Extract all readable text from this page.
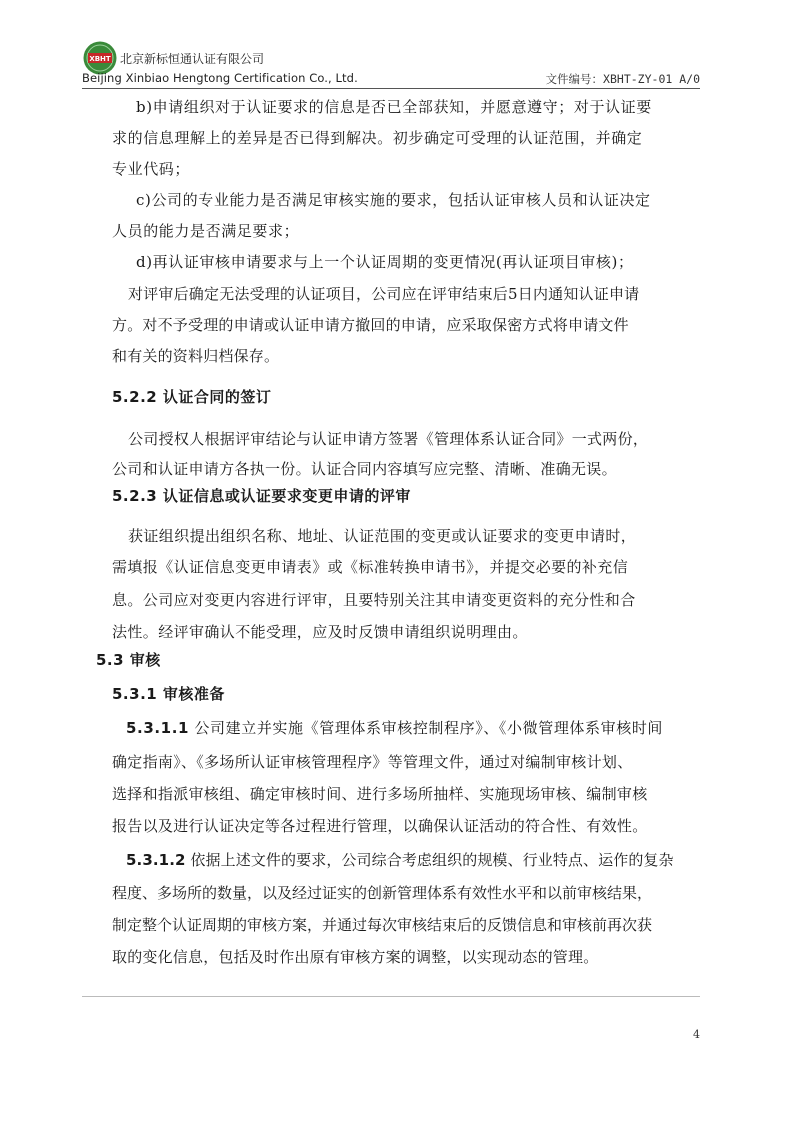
XBHT 北京新标恒通认证有限公司
Beijing Xinbiao Hengtong Certification Co., Ltd.	文件编号：XBHT-ZY-01 A/0
b)申请组织对于认证要求的信息是否已全部获知，并愿意遵守；对于认证要
求的信息理解上的差异是否已得到解决。初步确定可受理的认证范围，并确定
专业代码；
c)公司的专业能力是否满足审核实施的要求，包括认证审核人员和认证决定
人员的能力是否满足要求；
d)再认证审核申请要求与上一个认证周期的变更情况(再认证项目审核)；
对评审后确定无法受理的认证项目，公司应在评审结束后5日内通知认证申请
方。对不予受理的申请或认证申请方撤回的申请，应采取保密方式将申请文件
和有关的资料归档保存。
5.2.2 认证合同的签订
公司授权人根据评审结论与认证申请方签署《管理体系认证合同》一式两份，
公司和认证申请方各执一份。认证合同内容填写应完整、清晰、准确无误。
5.2.3 认证信息或认证要求变更申请的评审
获证组织提出组织名称、地址、认证范围的变更或认证要求的变更申请时，
需填报《认证信息变更申请表》或《标准转换申请书》，并提交必要的补充信
息。公司应对变更内容进行评审，且要特别关注其申请变更资料的充分性和合
法性。经评审确认不能受理，应及时反馈申请组织说明理由。
5.3 审核
5.3.1 审核准备
5.3.1.1 公司建立并实施《管理体系审核控制程序》、《小微管理体系审核时间
确定指南》、《多场所认证审核管理程序》等管理文件，通过对编制审核计划、
选择和指派审核组、确定审核时间、进行多场所抽样、实施现场审核、编制审核
报告以及进行认证决定等各过程进行管理，以确保认证活动的符合性、有效性。
5.3.1.2 依据上述文件的要求，公司综合考虑组织的规模、行业特点、运作的复杂
程度、多场所的数量，以及经过证实的创新管理体系有效性水平和以前审核结果，
制定整个认证周期的审核方案，并通过每次审核结束后的反馈信息和审核前再次获
取的变化信息，包括及时作出原有审核方案的调整，以实现动态的管理。
4
